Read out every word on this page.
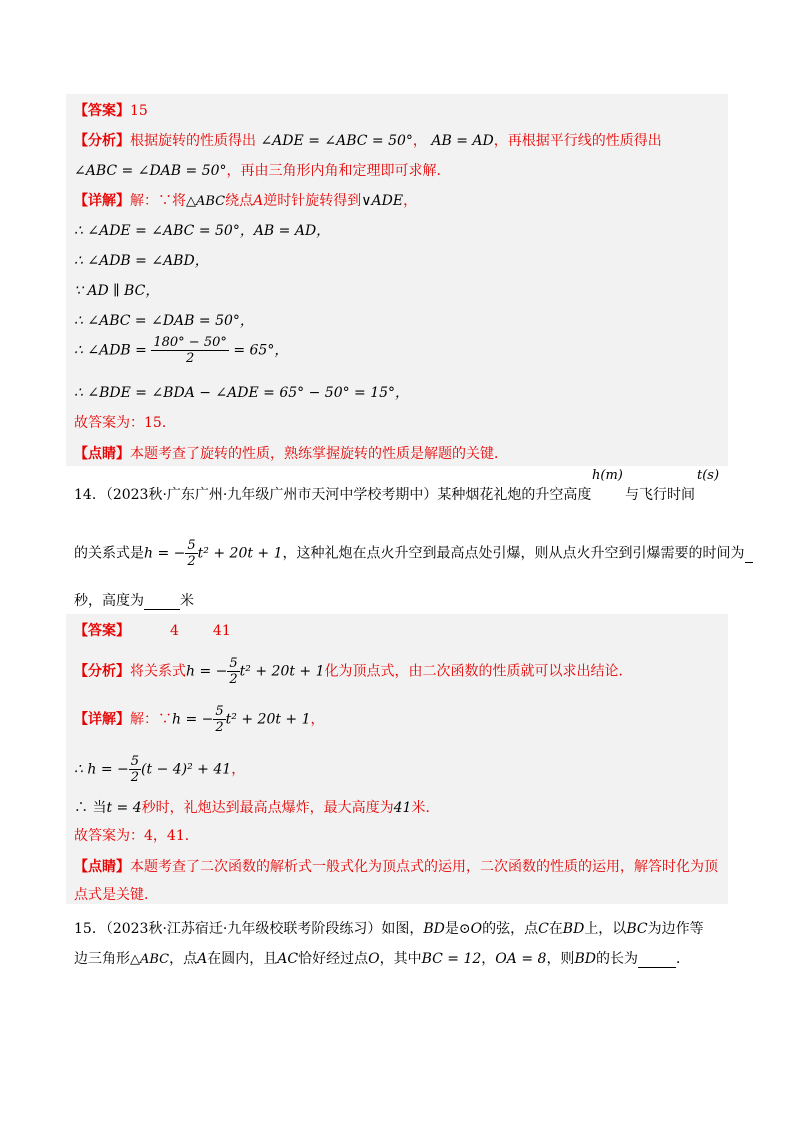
【答案】15
【分析】根据旋转的性质得出 ∠ADE = ∠ABC = 50°， AB = AD，再根据平行线的性质得出
∠ABC = ∠DAB = 50°，再由三角形内角和定理即可求解．
【详解】解：∵将△ABC绕点A逆时针旋转得到∨ADE，
∴ ∠ADE = ∠ABC = 50°，AB = AD，
∴ ∠ADB = ∠ABD，
∵ AD ∥ BC，
∴ ∠ABC = ∠DAB = 50°，
∴ ∠ADB = $\frac{180^\circ - 50^\circ}{2} = 65^\circ$，
∴ ∠BDE = ∠BDA − ∠ADE = 65° − 50° = 15°，
故答案为：15．
【点睛】本题考查了旋转的性质，熟练掌握旋转的性质是解题的关键．
14．（2023秋·广东广州·九年级广州市天河中学校考期中）某种烟花礼炮的升空高度
h(m)
与飞行时间
t(s)
的关系式是h = − $\frac{5}{2} t^2 + 20t + 1$，这种礼炮在点火升空到最高点处引爆，则从点火升空到引爆需要的时间为
秒，高度为	米
【答案】	4 41
【分析】将关系式h = − $\frac{5}{2} t^2 + 20t + 1$化为顶点式，由二次函数的性质就可以求出结论．
【详解】解：∵h = − $\frac{5}{2} t^2 + 20t + 1$，
∴ h = − $\frac{5}{2} (t - 4)^2 + 41$，
∴ 当t = 4秒时，礼炮达到最高点爆炸，最大高度为41米．
故答案为：4，41．
【点睛】本题考查了二次函数的解析式一般式化为顶点式的运用，二次函数的性质的运用，解答时化为顶
点式是关键．
15．（2023秋·江苏宿迁·九年级校联考阶段练习）如图，BD是⊙O的弦，点C在BD上，以BC为边作等
边三角形△ABC，点A在圆内，且AC恰好经过点O，其中BC = 12，OA = 8，则BD的长为	．
